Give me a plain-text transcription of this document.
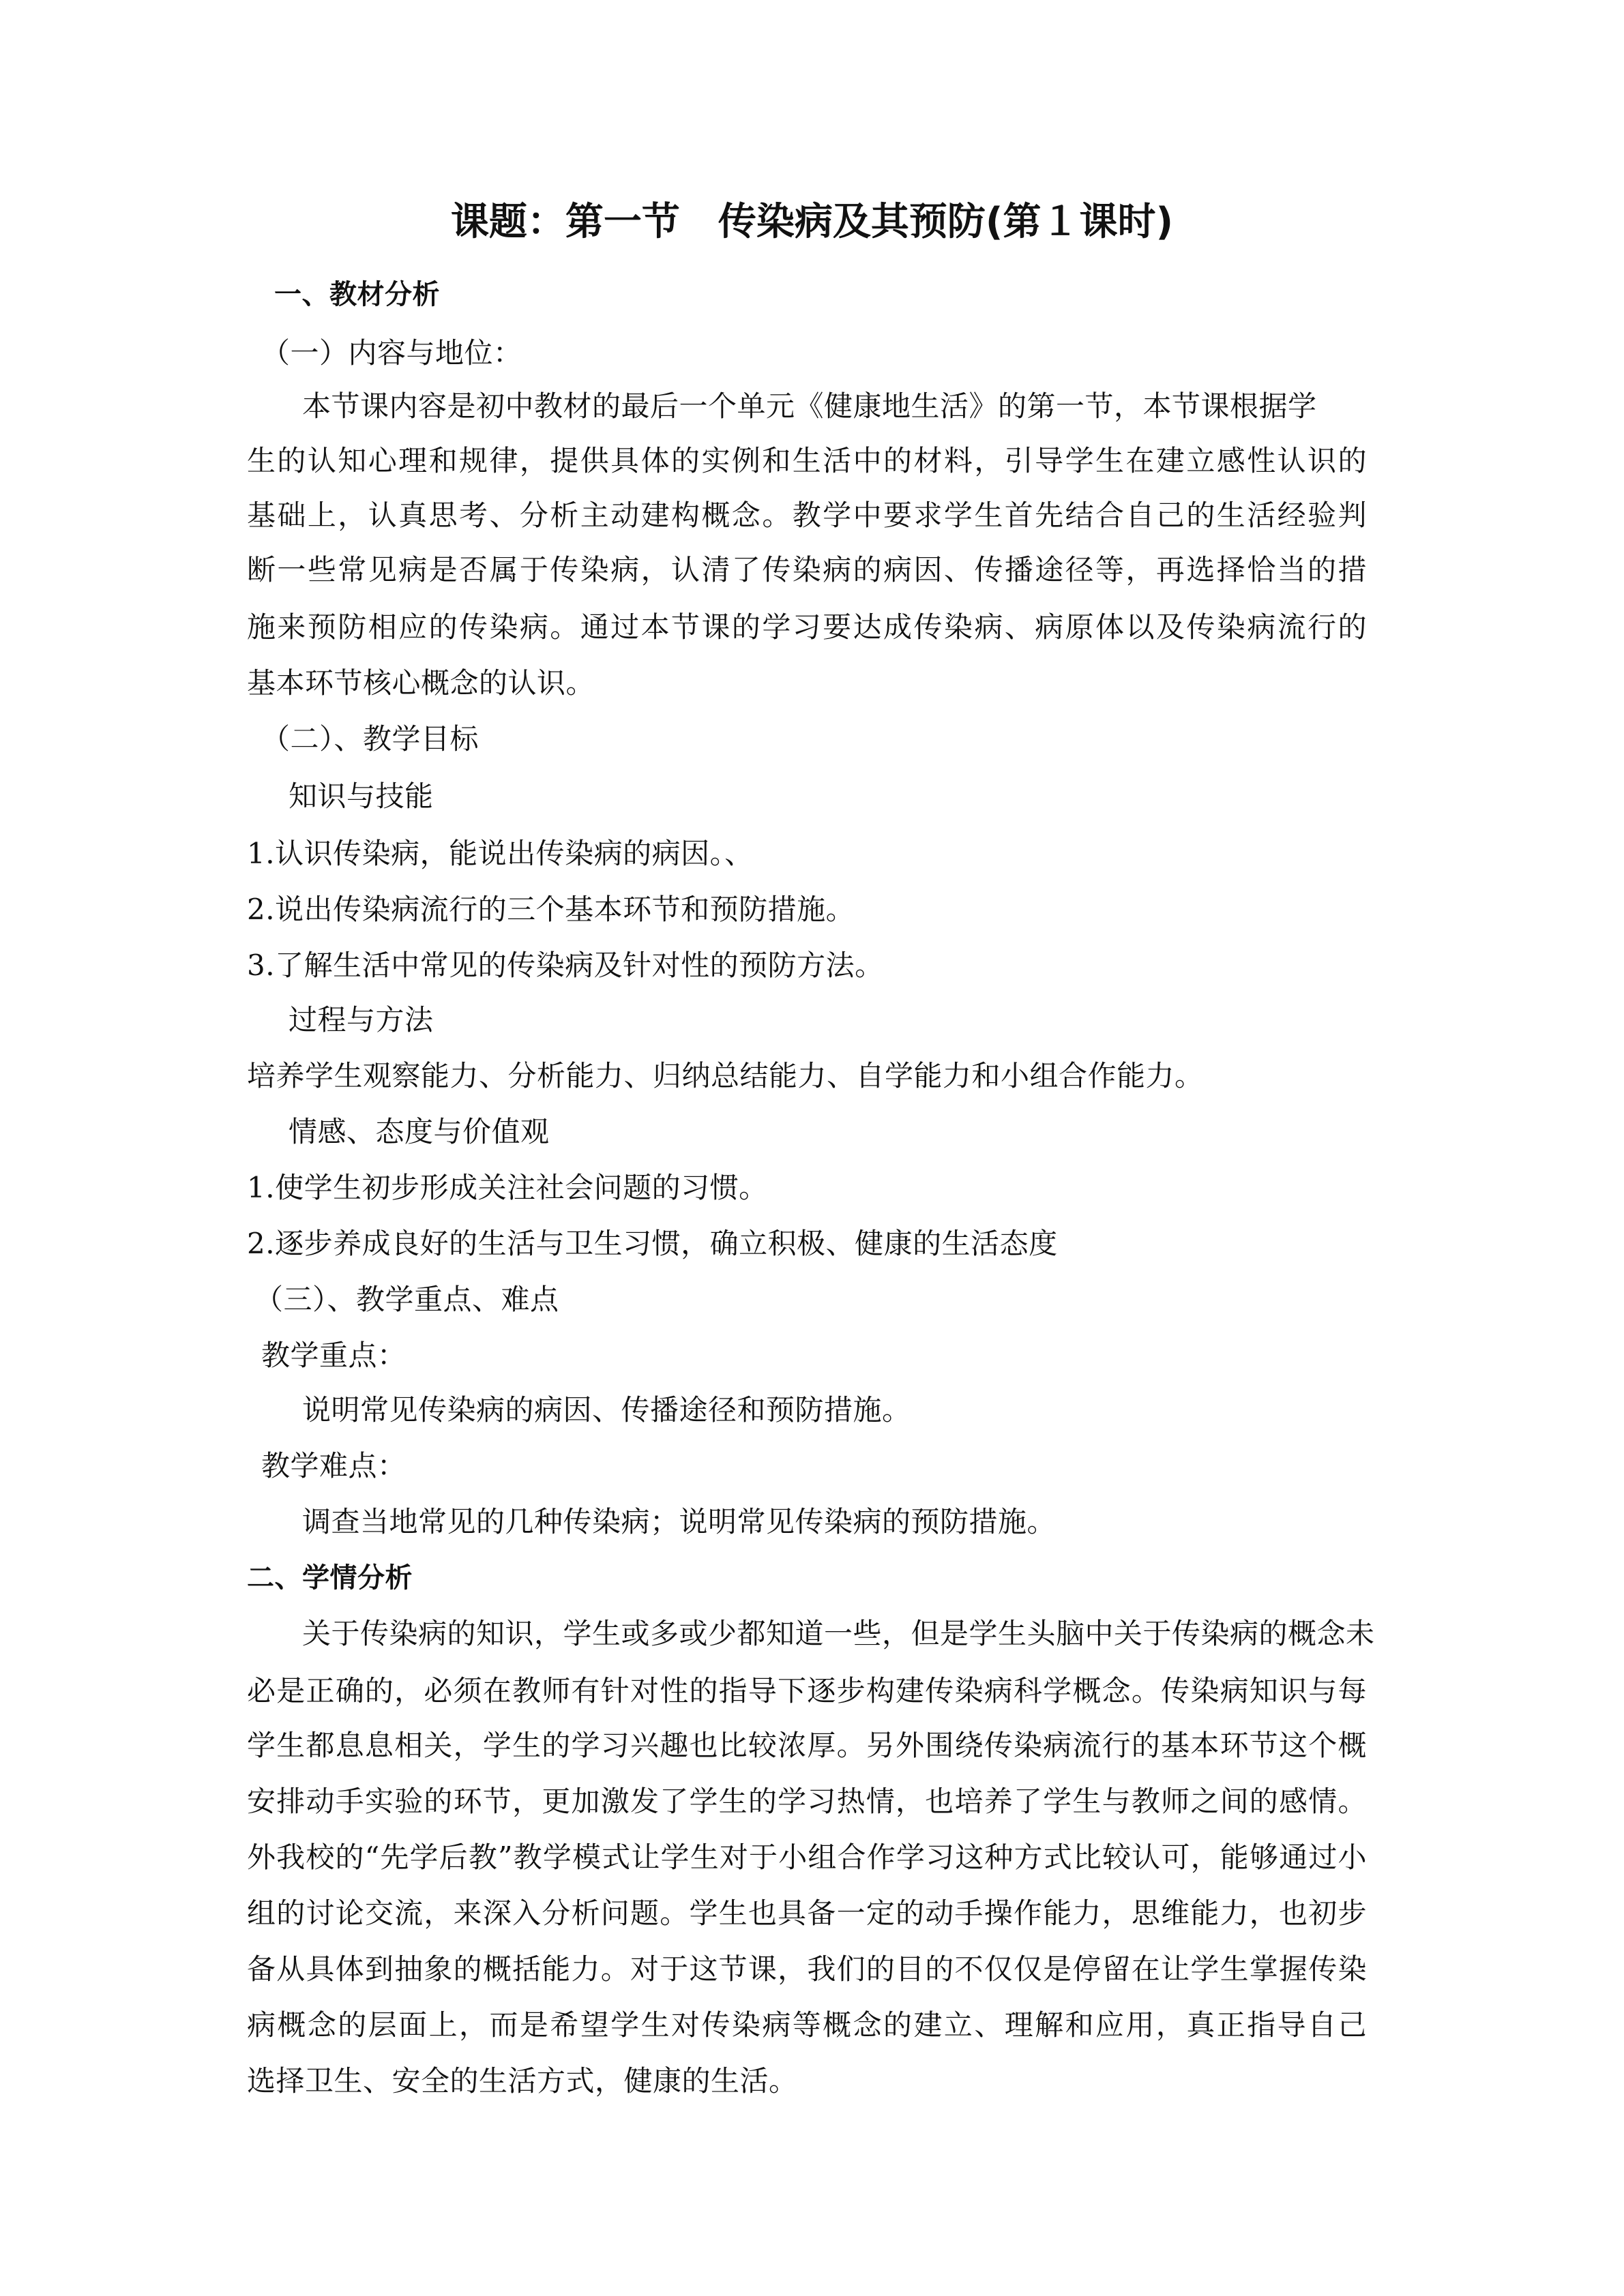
课题：第一节　传染病及其预防(第１课时)
一、教材分析
（一）内容与地位：
本节课内容是初中教材的最后一个单元《健康地生活》的第一节，本节课根据学
生的认知心理和规律，提供具体的实例和生活中的材料，引导学生在建立感性认识的
基础上，认真思考、分析主动建构概念。教学中要求学生首先结合自己的生活经验判
断一些常见病是否属于传染病，认清了传染病的病因、传播途径等，再选择恰当的措
施来预防相应的传染病。通过本节课的学习要达成传染病、病原体以及传染病流行的
基本环节核心概念的认识。
（二）、教学目标
知识与技能
1.认识传染病，能说出传染病的病因。、
2.说出传染病流行的三个基本环节和预防措施。
3.了解生活中常见的传染病及针对性的预防方法。
过程与方法
培养学生观察能力、分析能力、归纳总结能力、自学能力和小组合作能力。
情感、态度与价值观
1.使学生初步形成关注社会问题的习惯。
2.逐步养成良好的生活与卫生习惯，确立积极、健康的生活态度
（三）、教学重点、难点
教学重点：
说明常见传染病的病因、传播途径和预防措施。
教学难点：
调查当地常见的几种传染病；说明常见传染病的预防措施。
二、学情分析
关于传染病的知识，学生或多或少都知道一些，但是学生头脑中关于传染病的概念未
必是正确的，必须在教师有针对性的指导下逐步构建传染病科学概念。传染病知识与每
学生都息息相关，学生的学习兴趣也比较浓厚。另外围绕传染病流行的基本环节这个概
安排动手实验的环节，更加激发了学生的学习热情，也培养了学生与教师之间的感情。
外我校的“先学后教”教学模式让学生对于小组合作学习这种方式比较认可，能够通过小
组的讨论交流，来深入分析问题。学生也具备一定的动手操作能力，思维能力，也初步
备从具体到抽象的概括能力。对于这节课，我们的目的不仅仅是停留在让学生掌握传染
病概念的层面上，而是希望学生对传染病等概念的建立、理解和应用，真正指导自己
选择卫生、安全的生活方式，健康的生活。
